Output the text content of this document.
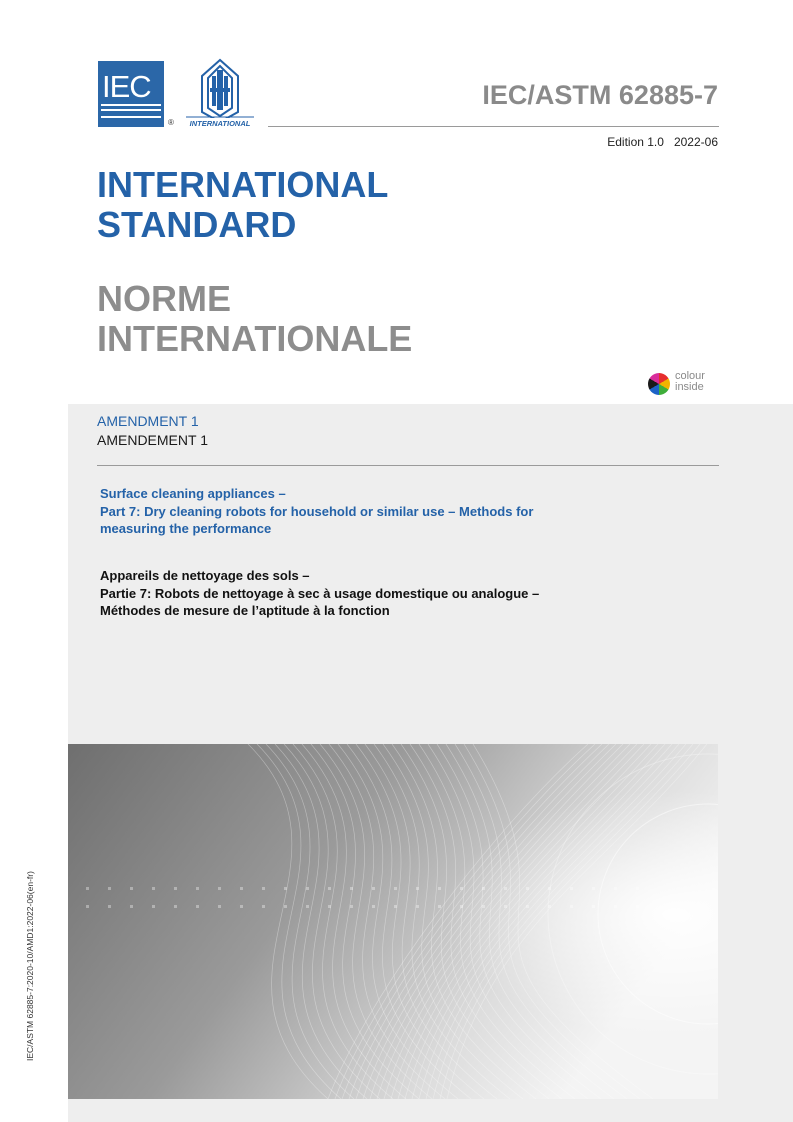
IEC
® INTERNATIONAL
IEC/ASTM 62885-7
Edition 1.0 2022-06
INTERNATIONAL
STANDARD
NORME
INTERNATIONALE
colour
inside
AMENDMENT 1
AMENDEMENT 1
Surface cleaning appliances –
Part 7: Dry cleaning robots for household or similar use – Methods for
measuring the performance
Appareils de nettoyage des sols –
Partie 7: Robots de nettoyage à sec à usage domestique ou analogue –
Méthodes de mesure de l’aptitude à la fonction
IEC/ASTM 62885-7:2020-10/AMD1:2022-06(en-fr)
